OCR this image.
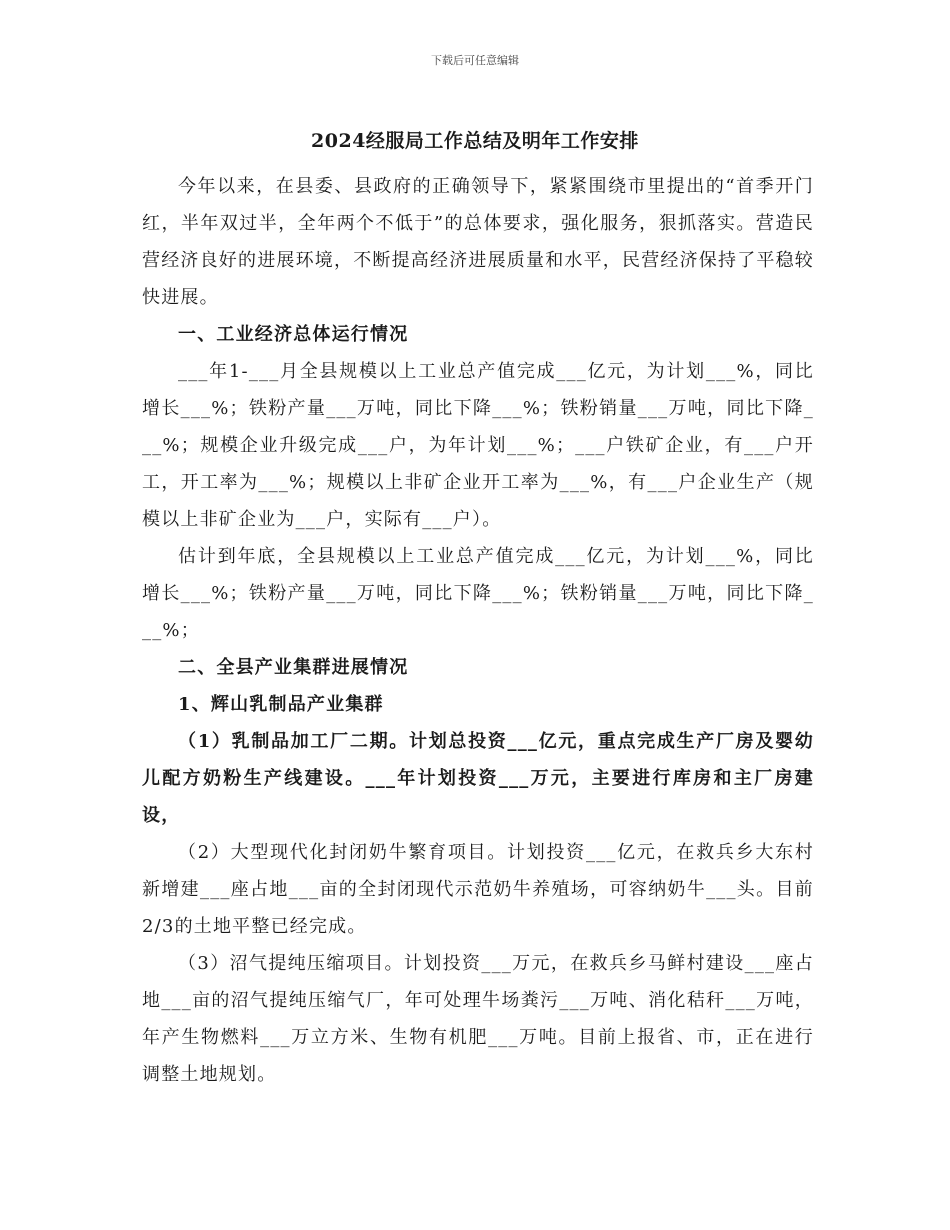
下载后可任意编辑
2024经服局工作总结及明年工作安排

今年以来，在县委、县政府的正确领导下，紧紧围绕市里提出的“首季开门红，半年双过半，全年两个不低于”的总体要求，强化服务，狠抓落实。营造民营经济良好的进展环境，不断提高经济进展质量和水平，民营经济保持了平稳较快进展。

一、工业经济总体运行情况

___年1-___月全县规模以上工业总产值完成___亿元，为计划___%，同比增长___%；铁粉产量___万吨，同比下降___%；铁粉销量___万吨，同比下降___%；规模企业升级完成___户，为年计划___%；___户铁矿企业，有___户开工，开工率为___%；规模以上非矿企业开工率为___%，有___户企业生产（规模以上非矿企业为___户，实际有___户）。

估计到年底，全县规模以上工业总产值完成___亿元，为计划___%，同比增长___%；铁粉产量___万吨，同比下降___%；铁粉销量___万吨，同比下降___%；

二、全县产业集群进展情况

1、辉山乳制品产业集群

（1）乳制品加工厂二期。计划总投资___亿元，重点完成生产厂房及婴幼儿配方奶粉生产线建设。___年计划投资___万元，主要进行库房和主厂房建设，

（2）大型现代化封闭奶牛繁育项目。计划投资___亿元，在救兵乡大东村新增建___座占地___亩的全封闭现代示范奶牛养殖场，可容纳奶牛___头。目前2/3的土地平整已经完成。

（3）沼气提纯压缩项目。计划投资___万元，在救兵乡马鲜村建设___座占地___亩的沼气提纯压缩气厂，年可处理牛场粪污___万吨、消化秸秆___万吨，年产生物燃料___万立方米、生物有机肥___万吨。目前上报省、市，正在进行调整土地规划。
